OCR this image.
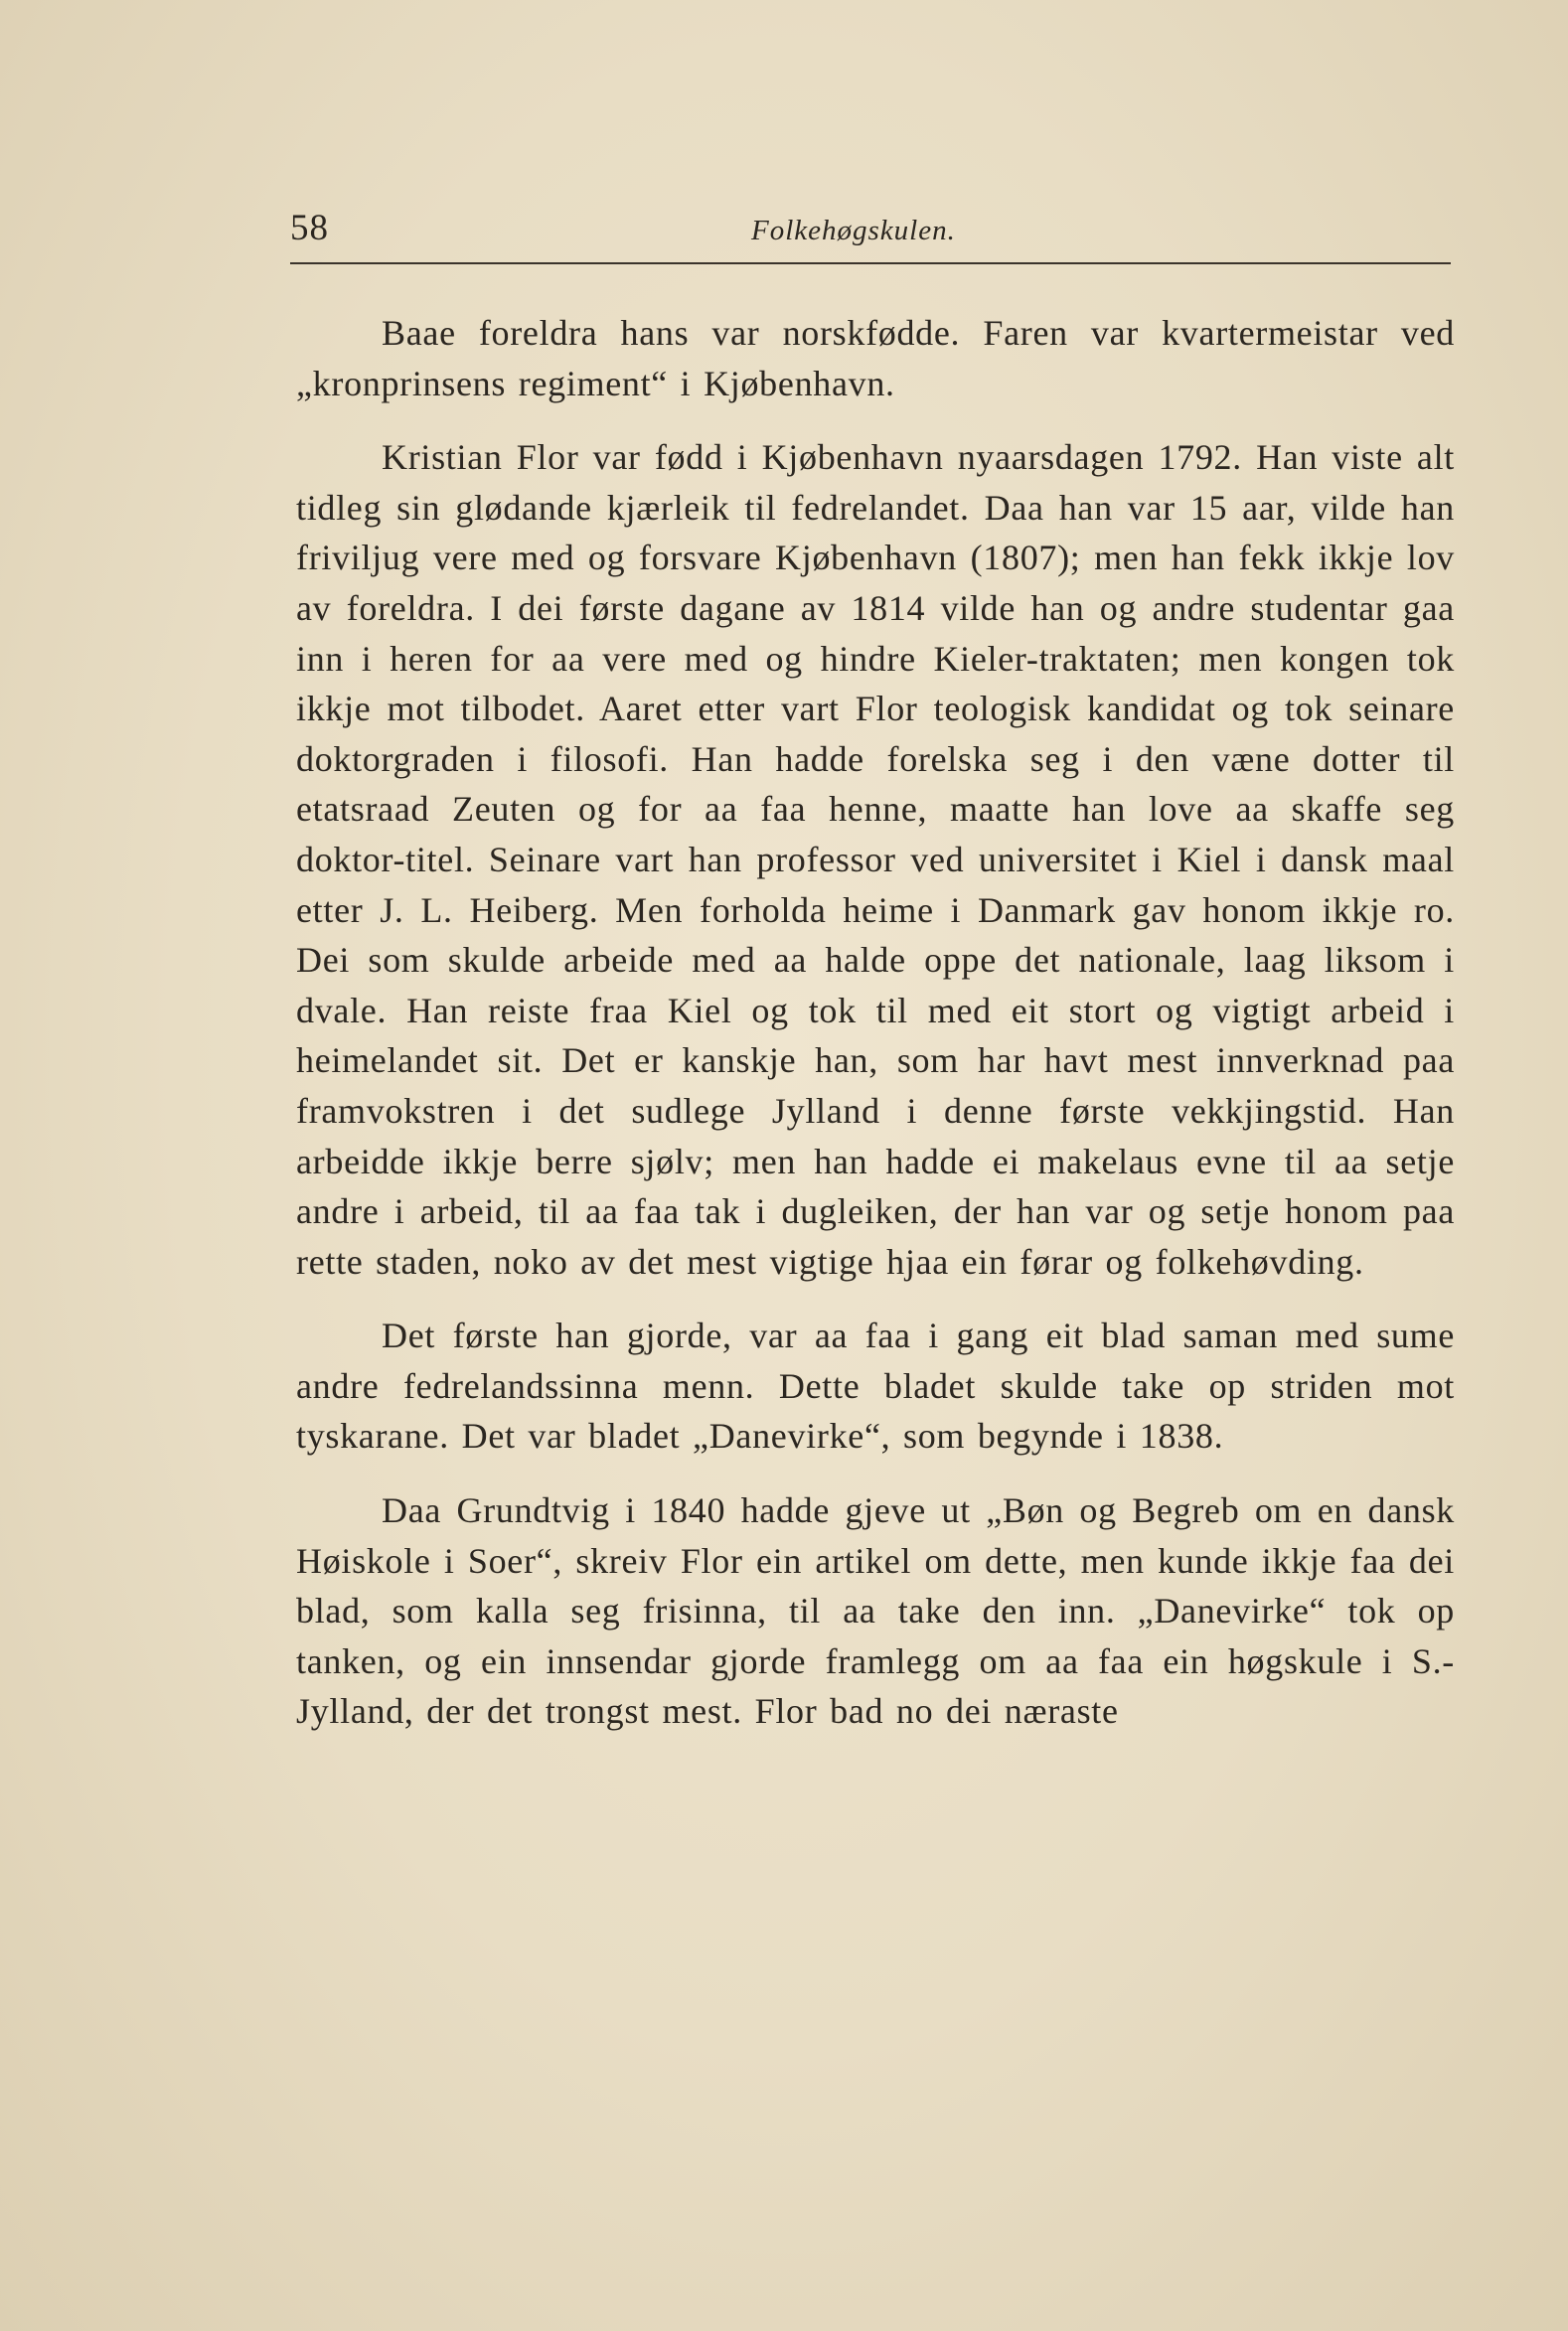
58	Folkehøgskulen.

Baae foreldra hans var norskfødde. Faren var kvartermeistar ved „kronprinsens regiment“ i Kjøbenhavn.

Kristian Flor var fødd i Kjøbenhavn nyaarsdagen 1792. Han viste alt tidleg sin glødande kjærleik til fedrelandet. Daa han var 15 aar, vilde han friviljug vere med og forsvare Kjøbenhavn (1807); men han fekk ikkje lov av foreldra. I dei første dagane av 1814 vilde han og andre studentar gaa inn i heren for aa vere med og hindre Kieler-traktaten; men kongen tok ikkje mot tilbodet. Aaret etter vart Flor teologisk kandidat og tok seinare doktorgraden i filosofi. Han hadde forelska seg i den væne dotter til etatsraad Zeuten og for aa faa henne, maatte han love aa skaffe seg doktor-titel. Seinare vart han professor ved universitet i Kiel i dansk maal etter J. L. Heiberg. Men forholda heime i Danmark gav honom ikkje ro. Dei som skulde arbeide med aa halde oppe det nationale, laag liksom i dvale. Han reiste fraa Kiel og tok til med eit stort og vigtigt arbeid i heimelandet sit. Det er kanskje han, som har havt mest innverknad paa framvokstren i det sudlege Jylland i denne første vekkjingstid. Han arbeidde ikkje berre sjølv; men han hadde ei makelaus evne til aa setje andre i arbeid, til aa faa tak i dugleiken, der han var og setje honom paa rette staden, noko av det mest vigtige hjaa ein førar og folkehøvding.

Det første han gjorde, var aa faa i gang eit blad saman med sume andre fedrelandssinna menn. Dette bladet skulde take op striden mot tyskarane. Det var bladet „Danevirke“, som begynde i 1838.

Daa Grundtvig i 1840 hadde gjeve ut „Bøn og Begreb om en dansk Høiskole i Soer“, skreiv Flor ein artikel om dette, men kunde ikkje faa dei blad, som kalla seg frisinna, til aa take den inn. „Danevirke“ tok op tanken, og ein innsendar gjorde framlegg om aa faa ein høgskule i S.-Jylland, der det trongst mest. Flor bad no dei næraste
